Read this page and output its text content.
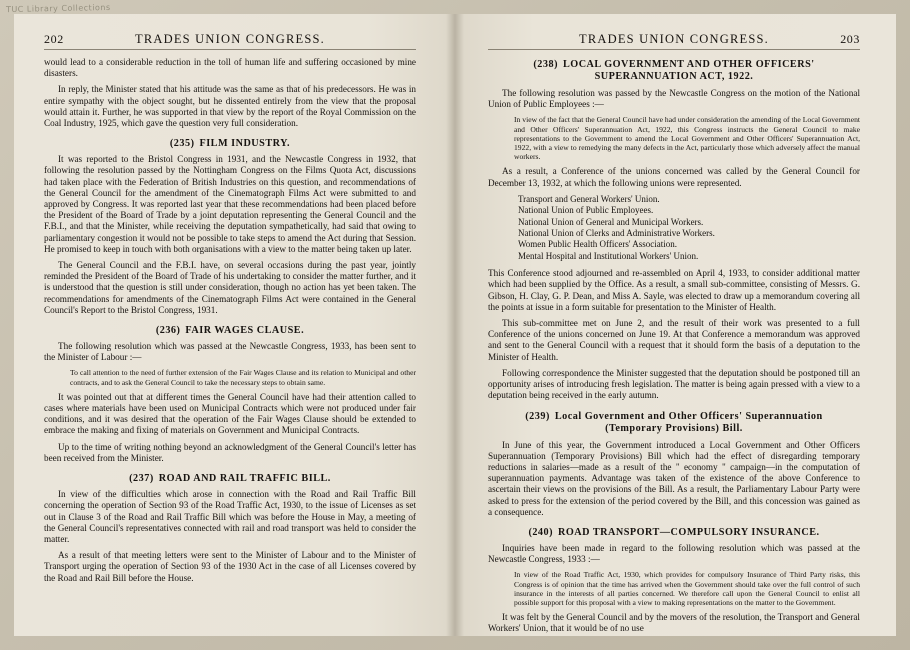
TUC Library Collections
202	TRADES UNION CONGRESS.

would lead to a considerable reduction in the toll of human life and suffering occasioned by mine disasters.

In reply, the Minister stated that his attitude was the same as that of his predecessors. He was in entire sympathy with the object sought, but he dissented entirely from the view that the proposal would attain it. Further, he was supported in that view by the report of the Royal Commission on the Coal Industry, 1925, which gave the question very full consideration.

(235) FILM INDUSTRY.

It was reported to the Bristol Congress in 1931, and the Newcastle Congress in 1932, that following the resolution passed by the Nottingham Congress on the Films Quota Act, discussions had taken place with the Federation of British Industries on this question, and recommendations of the General Council for the amendment of the Cinematograph Films Act were submitted to and approved by Congress. It was reported last year that these recommendations had been placed before the President of the Board of Trade by a joint deputation representing the General Council and the F.B.I., and that the Minister, while receiving the deputation sympathetically, had said that owing to parliamentary congestion it would not be possible to take steps to amend the Act during that Session. He promised to keep in touch with both organisations with a view to the matter being taken up later.

The General Council and the F.B.I. have, on several occasions during the past year, jointly reminded the President of the Board of Trade of his undertaking to consider the matter further, and it is understood that the question is still under consideration, though no action has yet been taken. The recommendations for amendments of the Cinematograph Films Act were contained in the General Council's Report to the Bristol Congress, 1931.

(236) FAIR WAGES CLAUSE.

The following resolution which was passed at the Newcastle Congress, 1933, has been sent to the Minister of Labour :—

To call attention to the need of further extension of the Fair Wages Clause and its relation to Municipal and other contracts, and to ask the General Council to take the necessary steps to obtain same.

It was pointed out that at different times the General Council have had their attention called to cases where materials have been used on Municipal Contracts which were not produced under fair conditions, and it was desired that the operation of the Fair Wages Clause should be extended to embrace the making and fixing of materials on Government and Municipal Contracts.

Up to the time of writing nothing beyond an acknowledgment of the General Council's letter has been received from the Minister.

(237) ROAD AND RAIL TRAFFIC BILL.

In view of the difficulties which arose in connection with the Road and Rail Traffic Bill concerning the operation of Section 93 of the Road Traffic Act, 1930, to the issue of Licenses as set out in Clause 3 of the Road and Rail Traffic Bill which was before the House in May, a meeting of the General Council's representatives connected with rail and road transport was held to consider the matter.

As a result of that meeting letters were sent to the Minister of Labour and to the Minister of Transport urging the operation of Section 93 of the 1930 Act in the case of all Licenses covered by the Road and Rail Bill before the House.

TRADES UNION CONGRESS.	203
(238) LOCAL GOVERNMENT AND OTHER OFFICERS'
SUPERANNUATION ACT, 1922.

The following resolution was passed by the Newcastle Congress on the motion of the National Union of Public Employees :—

In view of the fact that the General Council have had under consideration the amending of the Local Government and Other Officers' Superannuation Act, 1922, this Congress instructs the General Council to make representations to the Government to amend the Local Government and Other Officers' Superannuation Act, 1922, with a view to remedying the many defects in the Act, particularly those which adversely affect the manual workers.

As a result, a Conference of the unions concerned was called by the General Council for December 13, 1932, at which the following unions were represented.

Transport and General Workers' Union.
National Union of Public Employees.
National Union of General and Municipal Workers.
National Union of Clerks and Administrative Workers.
Women Public Health Officers' Association.
Mental Hospital and Institutional Workers' Union.

This Conference stood adjourned and re-assembled on April 4, 1933, to consider additional matter which had been supplied by the Office. As a result, a small sub-committee, consisting of Messrs. G. Gibson, H. Clay, G. P. Dean, and Miss A. Sayle, was elected to draw up a memorandum covering all the points at issue in a form suitable for presentation to the Minister of Health.

This sub-committee met on June 2, and the result of their work was presented to a full Conference of the unions concerned on June 19. At that Conference a memorandum was approved and sent to the General Council with a request that it should form the basis of a deputation to the Minister of Health.

Following correspondence the Minister suggested that the deputation should be postponed till an opportunity arises of introducing fresh legislation. The matter is being again pressed with a view to a deputation being received in the early autumn.

(239) Local Government and Other Officers' Superannuation
(Temporary Provisions) Bill.

In June of this year, the Government introduced a Local Government and Other Officers Superannuation (Temporary Provisions) Bill which had the effect of disregarding temporary reductions in salaries—made as a result of the " economy " campaign—in the computation of superannuation payments. Advantage was taken of the existence of the above Conference to ascertain their views on the provisions of the Bill. As a result, the Parliamentary Labour Party were asked to press for the extension of the period covered by the Bill, and this concession was gained as a consequence.

(240) ROAD TRANSPORT—COMPULSORY INSURANCE.

Inquiries have been made in regard to the following resolution which was passed at the Newcastle Congress, 1933 :—

In view of the Road Traffic Act, 1930, which provides for compulsory Insurance of Third Party risks, this Congress is of opinion that the time has arrived when the Government should take over the full control of such insurance in the interests of all parties concerned. We therefore call upon the General Council to enlist all possible support for this proposal with a view to making representations on the matter to the Government.

It was felt by the General Council and by the movers of the resolution, the Transport and General Workers' Union, that it would be of no use
